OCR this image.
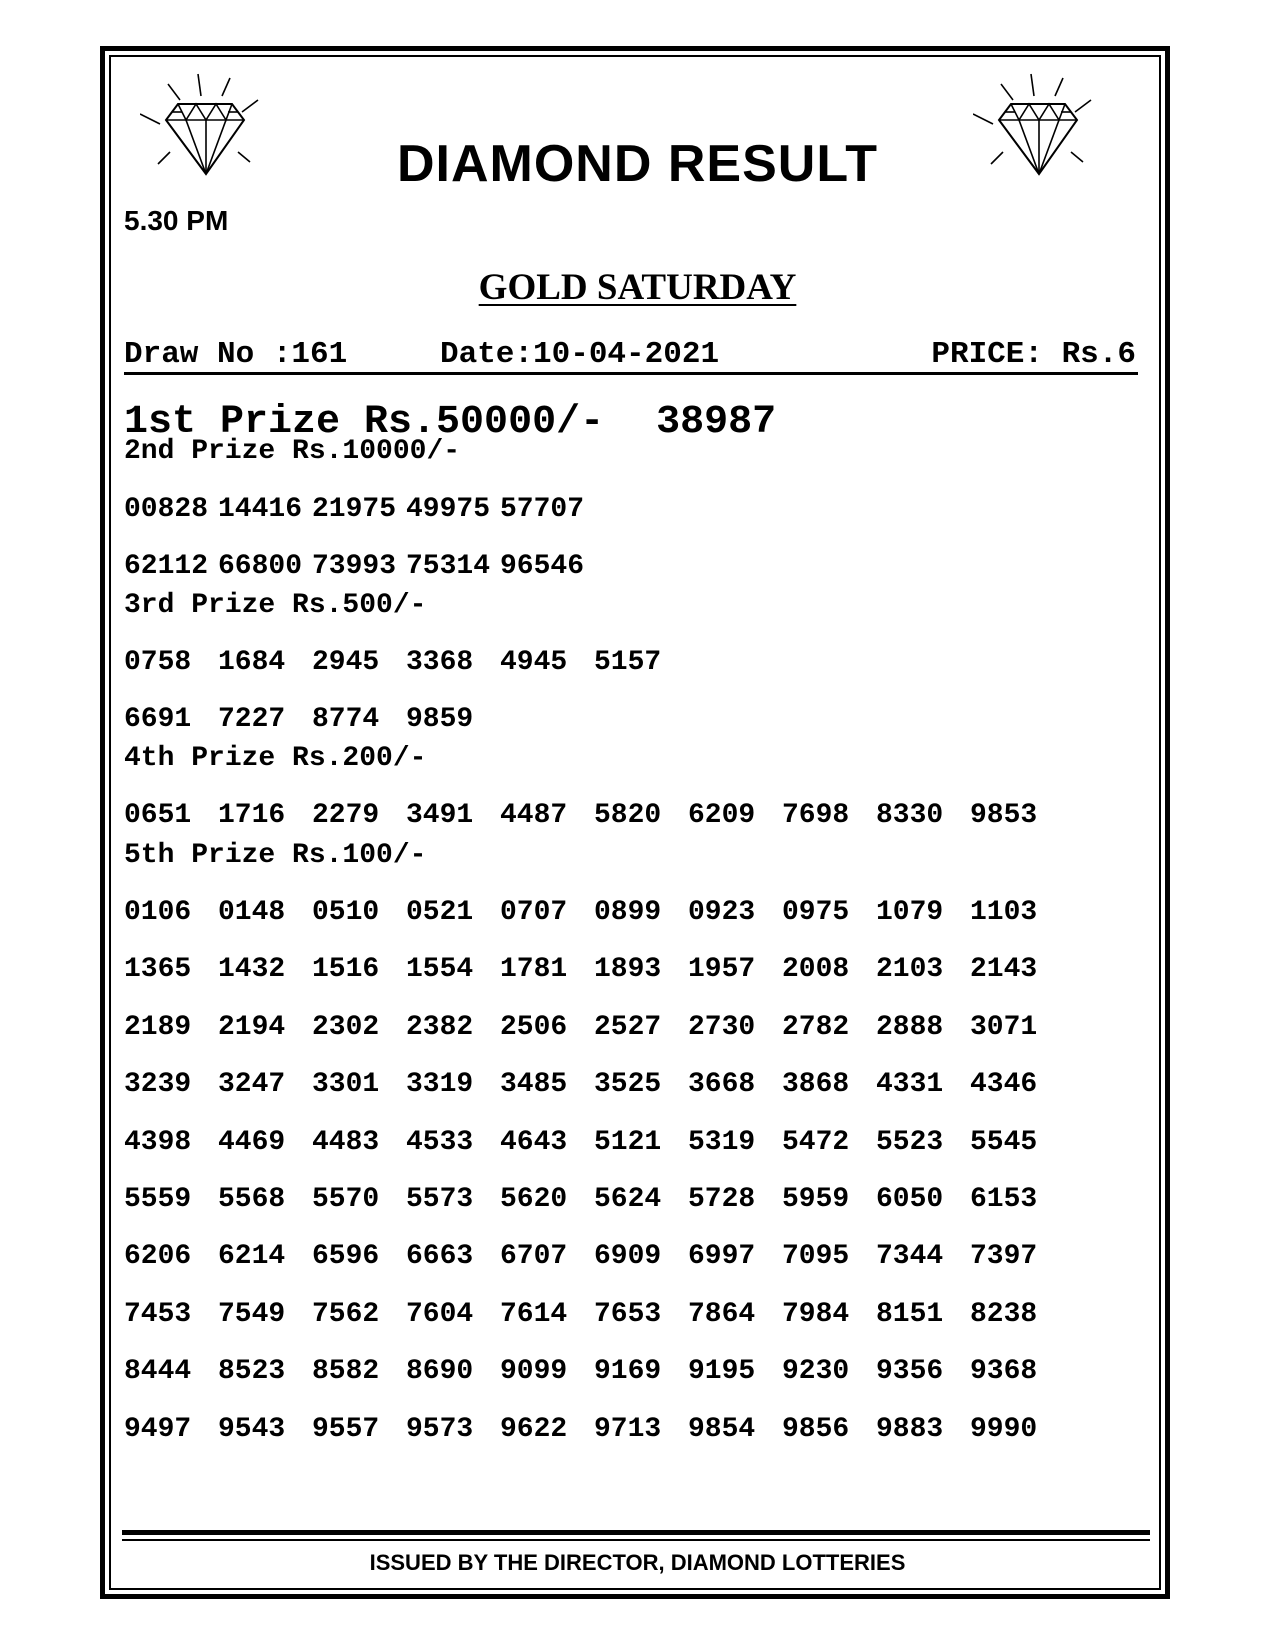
DIAMOND RESULT
5.30 PM
GOLD SATURDAY
Draw No :161	Date:10-04-2021	PRICE: Rs.6
1st Prize Rs.50000/- 38987
2nd Prize Rs.10000/-
00828 14416 21975 49975 57707
62112 66800 73993 75314 96546
3rd Prize Rs.500/-
0758 1684 2945 3368 4945 5157
6691 7227 8774 9859
4th Prize Rs.200/-
0651 1716 2279 3491 4487 5820 6209 7698 8330 9853
5th Prize Rs.100/-
0106 0148 0510 0521 0707 0899 0923 0975 1079 1103
1365 1432 1516 1554 1781 1893 1957 2008 2103 2143
2189 2194 2302 2382 2506 2527 2730 2782 2888 3071
3239 3247 3301 3319 3485 3525 3668 3868 4331 4346
4398 4469 4483 4533 4643 5121 5319 5472 5523 5545
5559 5568 5570 5573 5620 5624 5728 5959 6050 6153
6206 6214 6596 6663 6707 6909 6997 7095 7344 7397
7453 7549 7562 7604 7614 7653 7864 7984 8151 8238
8444 8523 8582 8690 9099 9169 9195 9230 9356 9368
9497 9543 9557 9573 9622 9713 9854 9856 9883 9990
ISSUED BY THE DIRECTOR, DIAMOND LOTTERIES
